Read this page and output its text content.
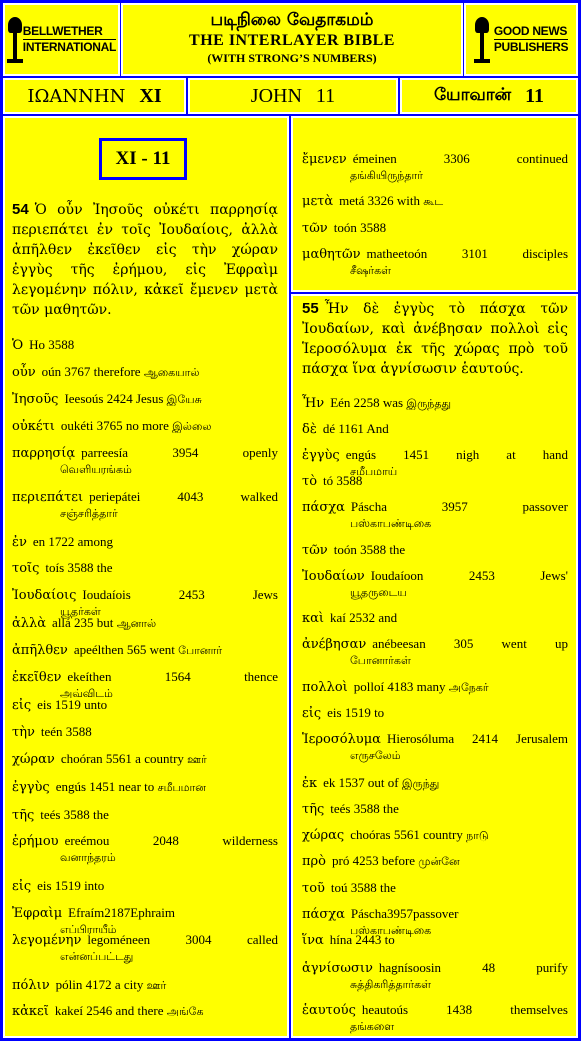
BELLWETHER
INTERNATIONAL
படிநிலை வேதாகமம்
THE INTERLAYER BIBLE
(WITH STRONG’S NUMBERS)
GOOD NEWS
PUBLISHERS
ΙΩΑΝΝΗΝ XI	JOHN 11	யோவான் 11
XI - 11
54 Ὁ οὖν Ἰησοῦς οὐκέτι παρρησίᾳ περιεπάτει ἐν τοῖς Ἰουδαίοις, ἀλλὰ ἀπῆλθεν ἐκεῖθεν εἰς τὴν χώραν ἐγγὺς τῆς ἐρήμου, εἰς Ἐφραὶμ λεγομένην πόλιν, κἀκεῖ ἔμενεν μετὰ τῶν μαθητῶν.	55 Ἦν δὲ ἐγγὺς τὸ πάσχα τῶν Ἰουδαίων, καὶ ἀνέβησαν πολλοὶ εἰς Ἱεροσόλυμα ἐκ τῆς χώρας πρὸ τοῦ πάσχα ἵνα ἁγνίσωσιν ἑαυτούς.
Ὁ Ho 3588
οὖν oún 3767 therefore ஆகையால்
Ἰησοῦς Ieesoús 2424 Jesus இயேசு
οὐκέτι oukéti 3765 no more இல்லை
παρρησίᾳ parreesía 3954 openly
வெளியரங்கம்
περιεπάτει periepátei 4043 walked
சஞ்சரித்தார்
ἐν en 1722 among
τοῖς toís 3588 the
Ἰουδαίοις Ioudaíois 2453 Jews
யூதர்கள்
ἀλλὰ allá 235 but ஆனால்
ἀπῆλθεν apeélthen 565 went போனார்
ἐκεῖθεν ekeíthen 1564 thence
அவ்விடம்
εἰς eis 1519 unto
τὴν teén 3588
χώραν choóran 5561 a country ஊர்
ἐγγὺς engús 1451 near to சமீபமான
τῆς teés 3588 the
ἐρήμου ereémou 2048 wilderness
வனாந்தரம்
εἰς eis 1519 into
Ἐφραὶμ Efraím2187Ephraim
எப்பிராயீம்
λεγομένην legoméneen 3004 called
என்னப்பட்டது
πόλιν pólin 4172 a city ஊர்
κἀκεῖ kakeí 2546 and there அங்கே
ἔμενεν émeinen 3306 continued
தங்கியிருந்தார்
μετὰ metá 3326 with கூட
τῶν toón 3588
μαθητῶν matheetoón 3101 disciples
சீஷர்கள்
Ἦν Eén 2258 was இருந்தது
δὲ dé 1161 And
ἐγγὺς engús 1451 nigh at hand
சமீபமாய்
τὸ tó 3588
πάσχα Páscha 3957 passover
பஸ்காபண்டிகை
τῶν toón 3588 the
Ἰουδαίων Ioudaíoon 2453 Jews'
யூதருடைய
καὶ kaí 2532 and
ἀνέβησαν anébeesan 305 went up
போனார்கள்
πολλοὶ polloí 4183 many அநேகர்
εἰς eis 1519 to
Ἱεροσόλυμα Hierosóluma 2414 Jerusalem
எருசலேம்
ἐκ ek 1537 out of இருந்து
τῆς teés 3588 the
χώρας choóras 5561 country நாடு
πρὸ pró 4253 before முன்னே
τοῦ toú 3588 the
πάσχα Páscha3957passover
பஸ்காபண்டிகை
ἵνα hína 2443 to
ἁγνίσωσιν hagnísoosin 48 purify
சுத்திகரித்தார்கள்
ἑαυτούς heautoús 1438 themselves
தங்களை
